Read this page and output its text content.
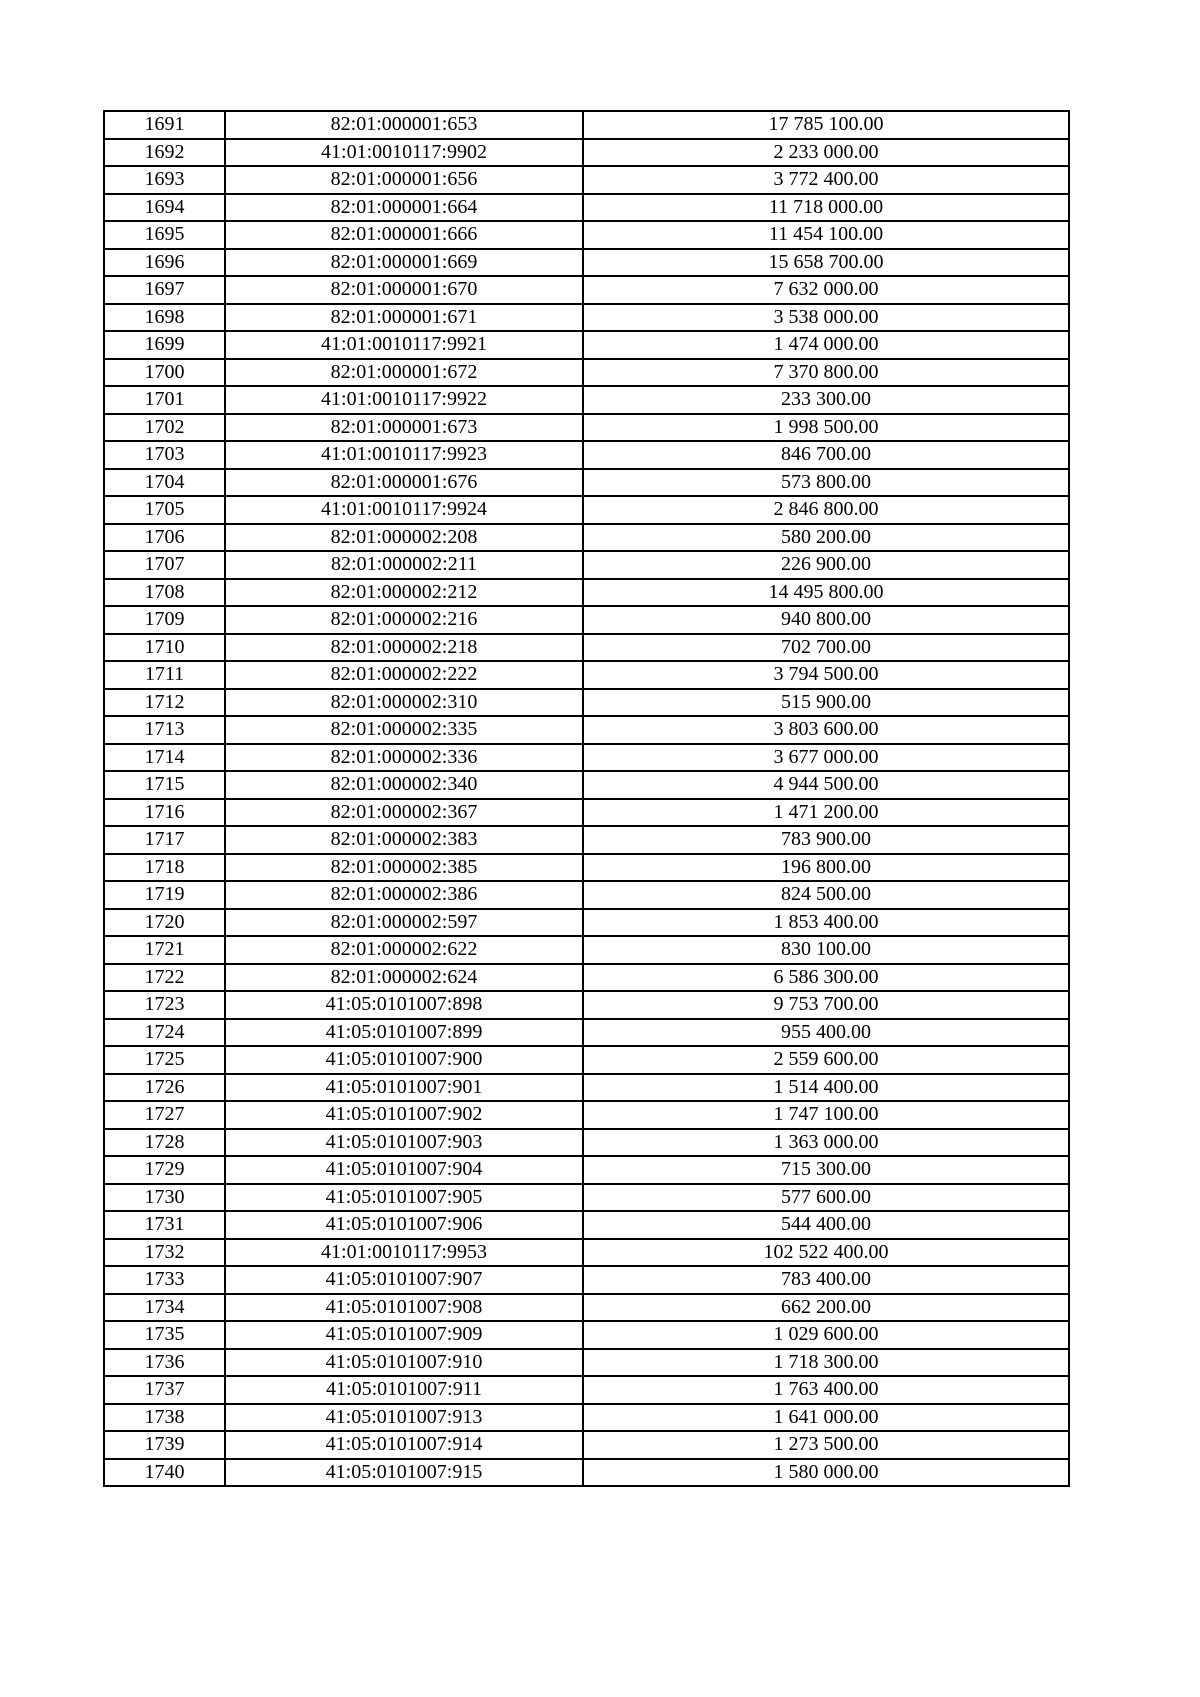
1691	82:01:000001:653	17 785 100.00
1692	41:01:0010117:9902	2 233 000.00
1693	82:01:000001:656	3 772 400.00
1694	82:01:000001:664	11 718 000.00
1695	82:01:000001:666	11 454 100.00
1696	82:01:000001:669	15 658 700.00
1697	82:01:000001:670	7 632 000.00
1698	82:01:000001:671	3 538 000.00
1699	41:01:0010117:9921	1 474 000.00
1700	82:01:000001:672	7 370 800.00
1701	41:01:0010117:9922	233 300.00
1702	82:01:000001:673	1 998 500.00
1703	41:01:0010117:9923	846 700.00
1704	82:01:000001:676	573 800.00
1705	41:01:0010117:9924	2 846 800.00
1706	82:01:000002:208	580 200.00
1707	82:01:000002:211	226 900.00
1708	82:01:000002:212	14 495 800.00
1709	82:01:000002:216	940 800.00
1710	82:01:000002:218	702 700.00
1711	82:01:000002:222	3 794 500.00
1712	82:01:000002:310	515 900.00
1713	82:01:000002:335	3 803 600.00
1714	82:01:000002:336	3 677 000.00
1715	82:01:000002:340	4 944 500.00
1716	82:01:000002:367	1 471 200.00
1717	82:01:000002:383	783 900.00
1718	82:01:000002:385	196 800.00
1719	82:01:000002:386	824 500.00
1720	82:01:000002:597	1 853 400.00
1721	82:01:000002:622	830 100.00
1722	82:01:000002:624	6 586 300.00
1723	41:05:0101007:898	9 753 700.00
1724	41:05:0101007:899	955 400.00
1725	41:05:0101007:900	2 559 600.00
1726	41:05:0101007:901	1 514 400.00
1727	41:05:0101007:902	1 747 100.00
1728	41:05:0101007:903	1 363 000.00
1729	41:05:0101007:904	715 300.00
1730	41:05:0101007:905	577 600.00
1731	41:05:0101007:906	544 400.00
1732	41:01:0010117:9953	102 522 400.00
1733	41:05:0101007:907	783 400.00
1734	41:05:0101007:908	662 200.00
1735	41:05:0101007:909	1 029 600.00
1736	41:05:0101007:910	1 718 300.00
1737	41:05:0101007:911	1 763 400.00
1738	41:05:0101007:913	1 641 000.00
1739	41:05:0101007:914	1 273 500.00
1740	41:05:0101007:915	1 580 000.00
